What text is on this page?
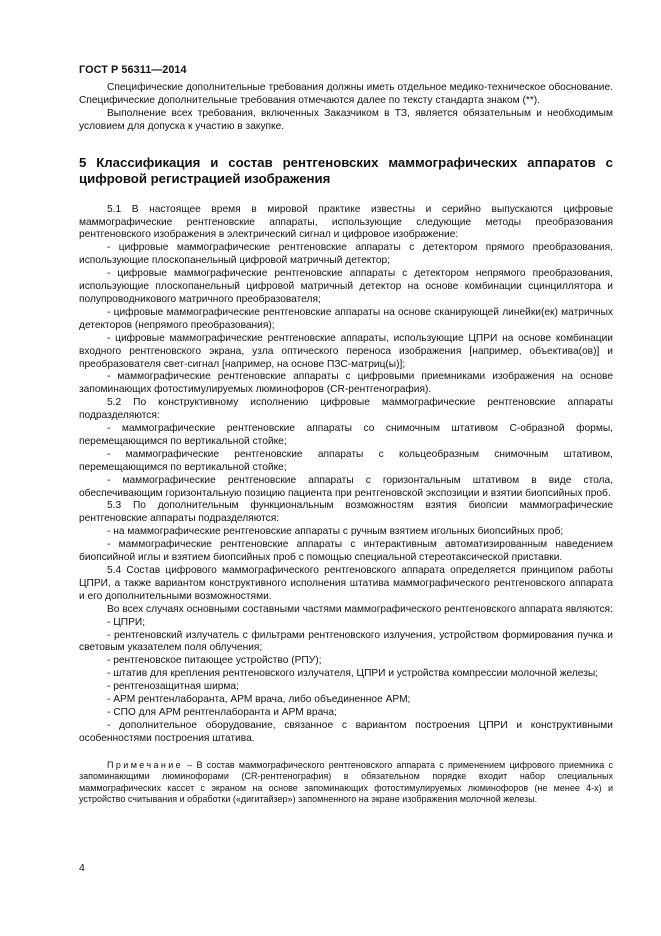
ГОСТ Р 56311—2014

Специфические дополнительные требования должны иметь отдельное медико-техническое обоснование. Специфические дополнительные требования отмечаются далее по тексту стандарта знаком (**).

Выполнение всех требования, включенных Заказчиком в ТЗ, является обязательным и необходимым условием для допуска к участию в закупке.

5 Классификация и состав рентгеновских маммографических аппаратов с цифровой регистрацией изображения

5.1 В настоящее время в мировой практике известны и серийно выпускаются цифровые маммографические рентгеновские аппараты, использующие следующие методы преобразования рентгеновского изображения в электрический сигнал и цифровое изображение:

- цифровые маммографические рентгеновские аппараты с детектором прямого преобразования, использующие плоскопанельный цифровой матричный детектор;

- цифровые маммографические рентгеновские аппараты с детектором непрямого преобразования, использующие плоскопанельный цифровой матричный детектор на основе комбинации сцинциллятора и полупроводникового матричного преобразователя;

- цифровые маммографические рентгеновские аппараты на основе сканирующей линейки(ек) матричных детекторов (непрямого преобразования);

- цифровые маммографические рентгеновские аппараты, использующие ЦПРИ на основе комбинации входного рентгеновского экрана, узла оптического переноса изображения [например, объектива(ов)] и преобразователя свет-сигнал [например, на основе ПЗС-матриц(ы)];

- маммографические рентгеновские аппараты с цифровыми приемниками изображения на основе запоминающих фотостимулируемых люминофоров (CR-рентгенография).

5.2 По конструктивному исполнению цифровые маммографические рентгеновские аппараты подразделяются:

- маммографические рентгеновские аппараты со снимочным штативом С-образной формы, перемещающимся по вертикальной стойке;

- маммографические рентгеновские аппараты с кольцеобразным снимочным штативом, перемещающимся по вертикальной стойке;

- маммографические рентгеновские аппараты с горизонтальным штативом в виде стола, обеспечивающим горизонтальную позицию пациента при рентгеновской экспозиции и взятии биопсийных проб.

5.3 По дополнительным функциональным возможностям взятия биопсии маммографические рентгеновские аппараты подразделяются:

- на маммографические рентгеновские аппараты с ручным взятием игольных биопсийных проб;

- маммографические рентгеновские аппараты с интерактивным автоматизированным наведением биопсийной иглы и взятием биопсийных проб с помощью специальной стереотаксической приставки.

5.4 Состав цифрового маммографического рентгеновского аппарата определяется принципом работы ЦПРИ, а также вариантом конструктивного исполнения штатива маммографического рентгеновского аппарата и его дополнительными возможностями.

Во всех случаях основными составными частями маммографического рентгеновского аппарата являются:

- ЦПРИ;

- рентгеновский излучатель с фильтрами рентгеновского излучения, устройством формирования пучка и световым указателем поля облучения;

- рентгеновское питающее устройство (РПУ);

- штатив для крепления рентгеновского излучателя, ЦПРИ и устройства компрессии молочной железы;

- рентгенозащитная ширма;

- АРМ рентгенлаборанта, АРМ врача, либо объединенное АРМ;

- СПО для АРМ рентгенлаборанта и АРМ врача;

- дополнительное оборудование, связанное с вариантом построения ЦПРИ и конструктивными особенностями построения штатива.

Примечание – В состав маммографического рентгеновского аппарата с применением цифрового приемника с запоминающими люминофорами (CR-рентгенография) в обязательном порядке входит набор специальных маммографических кассет с экраном на основе запоминающих фотостимулируемых люминофоров (не менее 4-х) и устройство считывания и обработки («дигитайзер») запомненного на экране изображения молочной железы.

4
